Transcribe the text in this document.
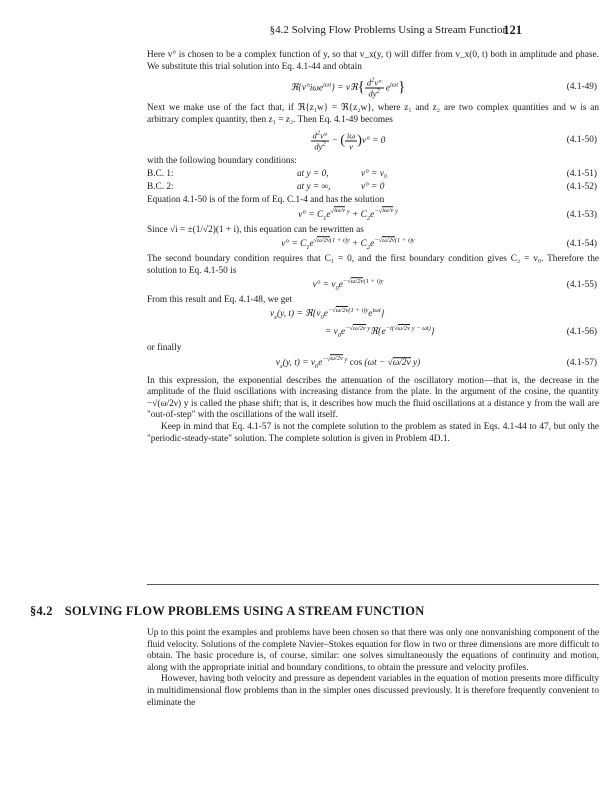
§4.2 Solving Flow Problems Using a Stream Function
121

Here v° is chosen to be a complex function of y, so that v_x(y, t) will differ from v_x(0, t) both in amplitude and phase. We substitute this trial solution into Eq. 4.1-44 and obtain

ℜ{v°iωe$^{i\omega t}$} = νℜ{ $\frac{d^2v^\circ}{dy^2} e^{i\omega t}$}	(4.1-49)

Next we make use of the fact that, if ℜ{z₁w} = ℜ{z₂w}, where z₁ and z₂ are two complex quantities and w is an arbitrary complex quantity, then z₁ = z₂. Then Eq. 4.1-49 becomes

$\frac{d^2v^\circ}{dy^2}$ − ( $\frac{i\omega}{\nu} )v^\circ = 0$	(4.1-50)

with the following boundary conditions:

B.C. 1:	at y = 0,	v° = v₀	(4.1-51)
B.C. 2:	at y = ∞,	v° = 0	(4.1-52)

Equation 4.1-50 is of the form of Eq. C.1-4 and has the solution

$v^\circ = C_1e^{√i\omega/\nu y} + C_2e^{-√i\omega/\nu y}$	(4.1-53)

Since √i = ±(1/√2)(1 + i), this equation can be rewritten as

$v^\circ = C_1e^{√\omega/2\nu(1 + i)y} + C_2e^{-√\omega/2\nu(1 + i)y}$	(4.1-54)

The second boundary condition requires that C₁ = 0, and the first boundary condition gives C₂ = v₀. Therefore the solution to Eq. 4.1-50 is

$v^\circ = v_0e^{-√\omega/2\nu(1 + i)y}$	(4.1-55)

From this result and Eq. 4.1-48, we get

$v_x(y$, $t) = ℜ\{v_0e^{-√\omega/2\nu(1 + i)y}e^{i\omega t}\}$
= $v_0e^{-√\omega/2\nu y}ℜ\{e^{-i(√\omega/2\nu y - \omega t)}\}$	(4.1-56)

or finally

$v_x(y$, $t) = v_0e^{-√\omega/2\nu y}$ cos (ωt − √ω/2ν y)	(4.1-57)

In this expression, the exponential describes the attenuation of the oscillatory motion—that is, the decrease in the amplitude of the fluid oscillations with increasing distance from the plate. In the argument of the cosine, the quantity −√(ω/2ν) y is called the phase shift; that is, it describes how much the fluid oscillations at a distance y from the wall are "out-of-step" with the oscillations of the wall itself.

Keep in mind that Eq. 4.1-57 is not the complete solution to the problem as stated in Eqs. 4.1-44 to 47, but only the "periodic-steady-state" solution. The complete solution is given in Problem 4D.1.

§4.2 SOLVING FLOW PROBLEMS USING A STREAM FUNCTION

Up to this point the examples and problems have been chosen so that there was only one nonvanishing component of the fluid velocity. Solutions of the complete Navier–Stokes equation for flow in two or three dimensions are more difficult to obtain. The basic procedure is, of course, similar: one solves simultaneously the equations of continuity and motion, along with the appropriate initial and boundary conditions, to obtain the pressure and velocity profiles.

However, having both velocity and pressure as dependent variables in the equation of motion presents more difficulty in multidimensional flow problems than in the simpler ones discussed previously. It is therefore frequently convenient to eliminate the
